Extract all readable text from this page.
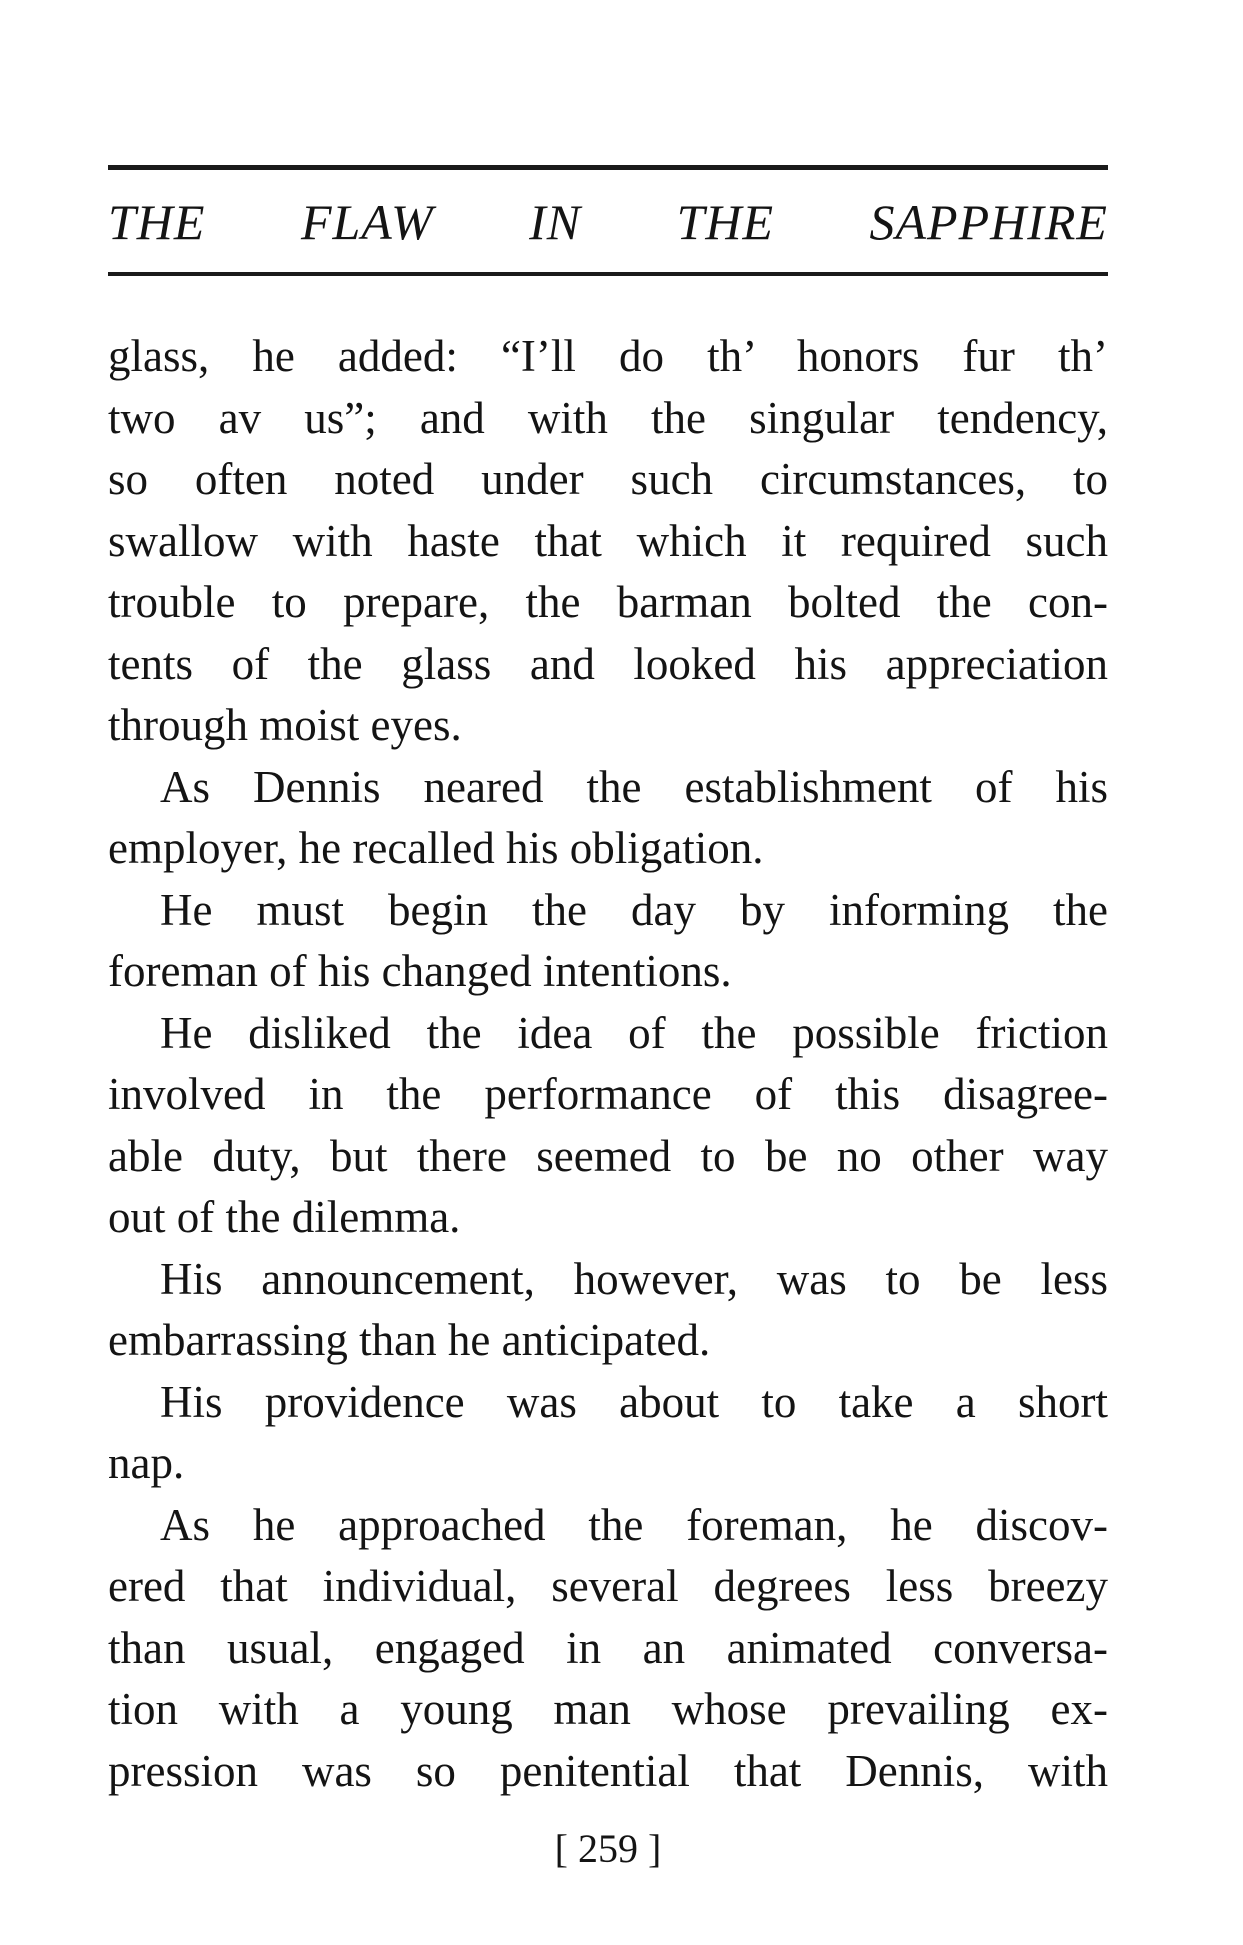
THE FLAW IN THE SAPPHIRE
glass, he added: “I’ll do th’ honors fur th’
two av us”; and with the singular tendency,
so often noted under such circumstances, to
swallow with haste that which it required such
trouble to prepare, the barman bolted the con-
tents of the glass and looked his appreciation
through moist eyes.
As Dennis neared the establishment of his
employer, he recalled his obligation.
He must begin the day by informing the
foreman of his changed intentions.
He disliked the idea of the possible friction
involved in the performance of this disagree-
able duty, but there seemed to be no other way
out of the dilemma.
His announcement, however, was to be less
embarrassing than he anticipated.
His providence was about to take a short
nap.
As he approached the foreman, he discov-
ered that individual, several degrees less breezy
than usual, engaged in an animated conversa-
tion with a young man whose prevailing ex-
pression was so penitential that Dennis, with
[ 259 ]
